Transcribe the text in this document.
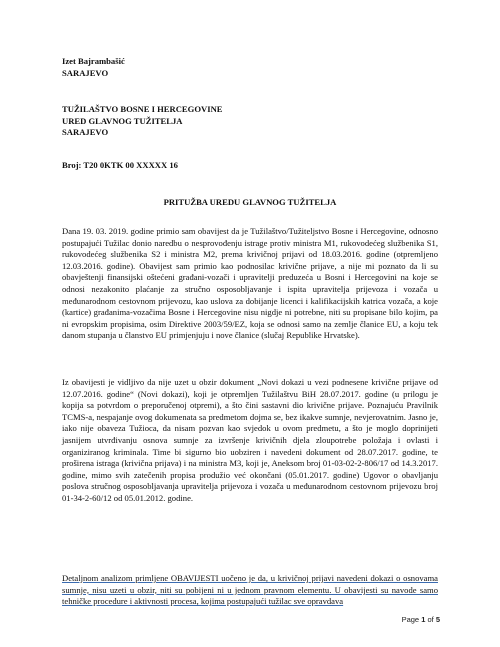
Izet Bajrambašić
SARAJEVO
TUŽILAŠTVO BOSNE I HERCEGOVINE
URED GLAVNOG TUŽITELJA
SARAJEVO
Broj: T20 0KTK 00 XXXXX 16
PRITUŽBA UREDU GLAVNOG TUŽITELJA
Dana 19. 03. 2019. godine primio sam obavijest da je Tužilaštvo/Tužiteljstvo Bosne i Hercegovine, odnosno postupajući Tužilac donio naredbu o nesprovođenju istrage protiv ministra M1, rukovodećeg službenika S1, rukovodećeg službenika S2 i ministra M2, prema krivičnoj prijavi od 18.03.2016. godine (otpremljeno 12.03.2016. godine). Obavijest sam primio kao podnosilac krivične prijave, a nije mi poznato da li su obavještenji finansijski oštećeni građani-vozači i upravitelji preduzeća u Bosni i Hercegovini na koje se odnosi nezakonito plaćanje za stručno osposobljavanje i ispita upravitelja prijevoza i vozača u međunarodnom cestovnom prijevozu, kao uslova za dobijanje licenci i kalifikacijskih katrica vozača, a koje (kartice) građanima-vozačima Bosne i Hercegovine nisu nigdje ni potrebne, niti su propisane bilo kojim, pa ni evropskim propisima, osim Direktive 2003/59/EZ, koja se odnosi samo na zemlje članice EU, a koju tek danom stupanja u članstvo EU primjenjuju i nove članice (slučaj Republike Hrvatske).
Iz obavijesti je vidljivo da nije uzet u obzir dokument „Novi dokazi u vezi podnesene krivične prijave od 12.07.2016. godine“ (Novi dokazi), koji je otpremljen Tužilaštvu BiH 28.07.2017. godine (u prilogu je kopija sa potvrdom o preporučenoj otpremi), a što čini sastavni dio krivične prijave. Poznajuću Pravilnik TCMS-a, nespajanje ovog dokumenata sa predmetom dojma se, bez ikakve sumnje, nevjerovatnim. Jasno je, iako nije obaveza Tužioca, da nisam pozvan kao svjedok u ovom predmetu, a što je moglo doprinijeti jasnijem utvrđivanju osnova sumnje za izvršenje krivičnih djela zloupotrebe položaja i ovlasti i organiziranog kriminala. Time bi sigurno bio uobziren i navedeni dokument od 28.07.2017. godine, te proširena istraga (krivična prijava) i na ministra M3, koji je, Aneksom broj 01-03-02-2-806/17 od 14.3.2017. godine, mimo svih zatečenih propisa produžio već okončani (05.01.2017. godine) Ugovor o obavljanju poslova stručnog osposobljavanja upravitelja prijevoza i vozača u međunarodnom cestovnom prijevozu broj 01-34-2-60/12 od 05.01.2012. godine.
Detaljnom analizom primljene OBAVIJESTI uočeno je da, u krivičnoj prijavi navedeni dokazi o osnovama sumnje, nisu uzeti u obzir, niti su pobijeni ni u jednom pravnom elementu. U obavijesti su navode samo tehničke procedure i aktivnosti procesa, kojima postupajući tužilac sve opravdava
Page 1 of 5
